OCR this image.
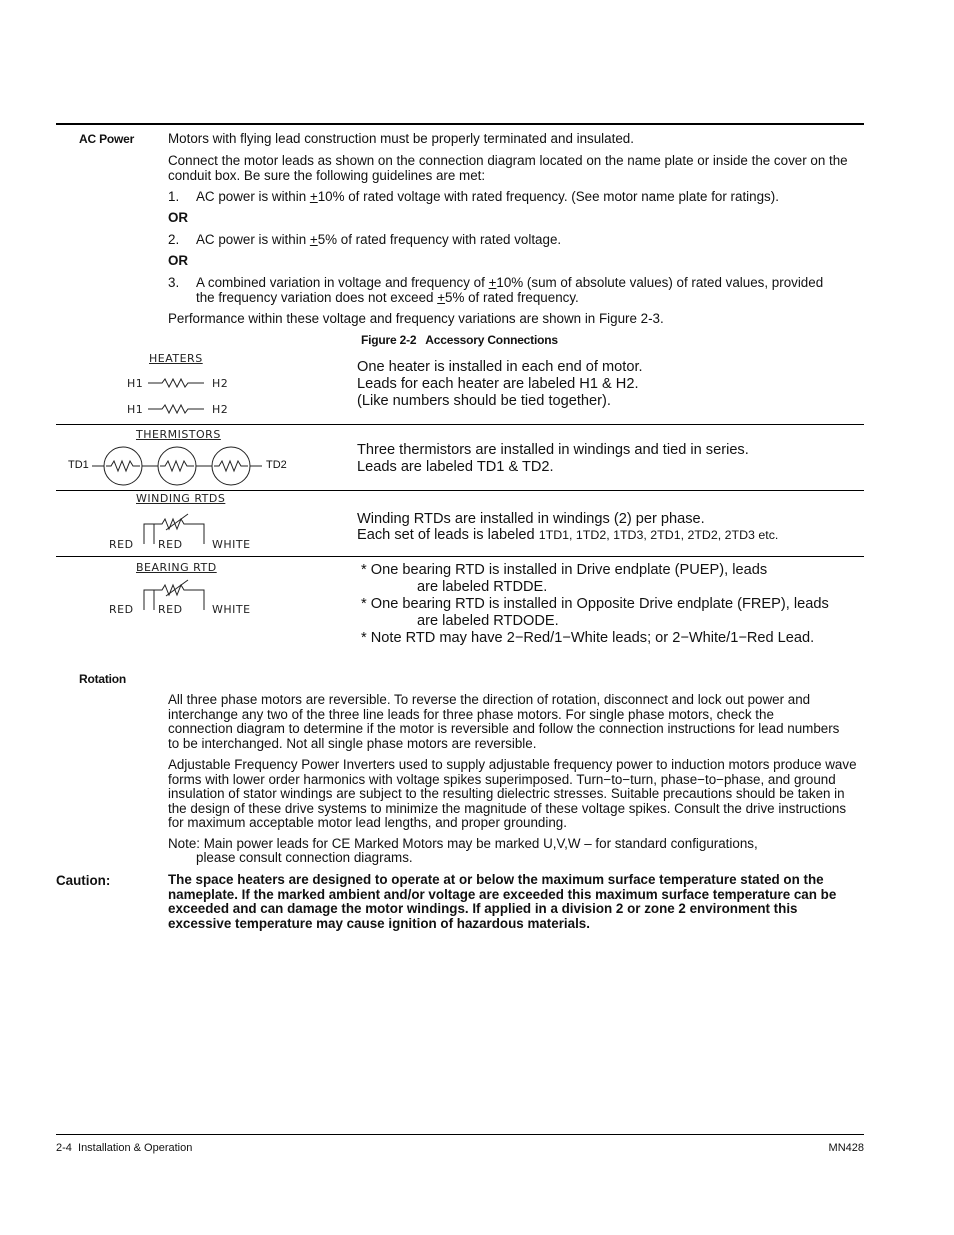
AC Power	Motors with flying lead construction must be properly terminated and insulated.
Connect the motor leads as shown on the connection diagram located on the name plate or inside the cover on the conduit box. Be sure the following guidelines are met:
1. AC power is within +10% of rated voltage with rated frequency. (See motor name plate for ratings).
OR
2. AC power is within +5% of rated frequency with rated voltage.
OR
3. A combined variation in voltage and frequency of +10% (sum of absolute values) of rated values, provided
the frequency variation does not exceed +5% of rated frequency.
Performance within these voltage and frequency variations are shown in Figure 2-3.
Figure 2-2   Accessory Connections
HEATERS
H1	H2
H1	H2
One heater is installed in each end of motor.
Leads for each heater are labeled H1 & H2.
(Like numbers should be tied together).
THERMISTORS
TD1	TD2
Three thermistors are installed in windings and tied in series.
Leads are labeled TD1 & TD2.
WINDING RTDS
RED RED	WHITE
Winding RTDs are installed in windings (2) per phase.
Each set of leads is labeled 1TD1, 1TD2, 1TD3, 2TD1, 2TD2, 2TD3 etc.
BEARING RTD
RED RED	WHITE
* One bearing RTD is installed in Drive endplate (PUEP), leads
are labeled RTDDE.
* One bearing RTD is installed in Opposite Drive endplate (FREP), leads
are labeled RTDODE.
* Note RTD may have 2−Red/1−White leads; or 2−White/1−Red Lead.
Rotation
All three phase motors are reversible. To reverse the direction of rotation, disconnect and lock out power and interchange any two of the three line leads for three phase motors. For single phase motors, check the connection diagram to determine if the motor is reversible and follow the connection instructions for lead numbers to be interchanged. Not all single phase motors are reversible.
Adjustable Frequency Power Inverters used to supply adjustable frequency power to induction motors produce wave forms with lower order harmonics with voltage spikes superimposed. Turn−to−turn, phase−to−phase, and ground insulation of stator windings are subject to the resulting dielectric stresses. Suitable precautions should be taken in the design of these drive systems to minimize the magnitude of these voltage spikes. Consult the drive instructions for maximum acceptable motor lead lengths, and proper grounding.
Note: Main power leads for CE Marked Motors may be marked U,V,W – for standard configurations,
please consult connection diagrams.
Caution:	The space heaters are designed to operate at or below the maximum surface temperature stated on the nameplate. If the marked ambient and/or voltage are exceeded this maximum surface temperature can be exceeded and can damage the motor windings. If applied in a division 2 or zone 2 environment this excessive temperature may cause ignition of hazardous materials.
2-4  Installation & Operation	MN428
